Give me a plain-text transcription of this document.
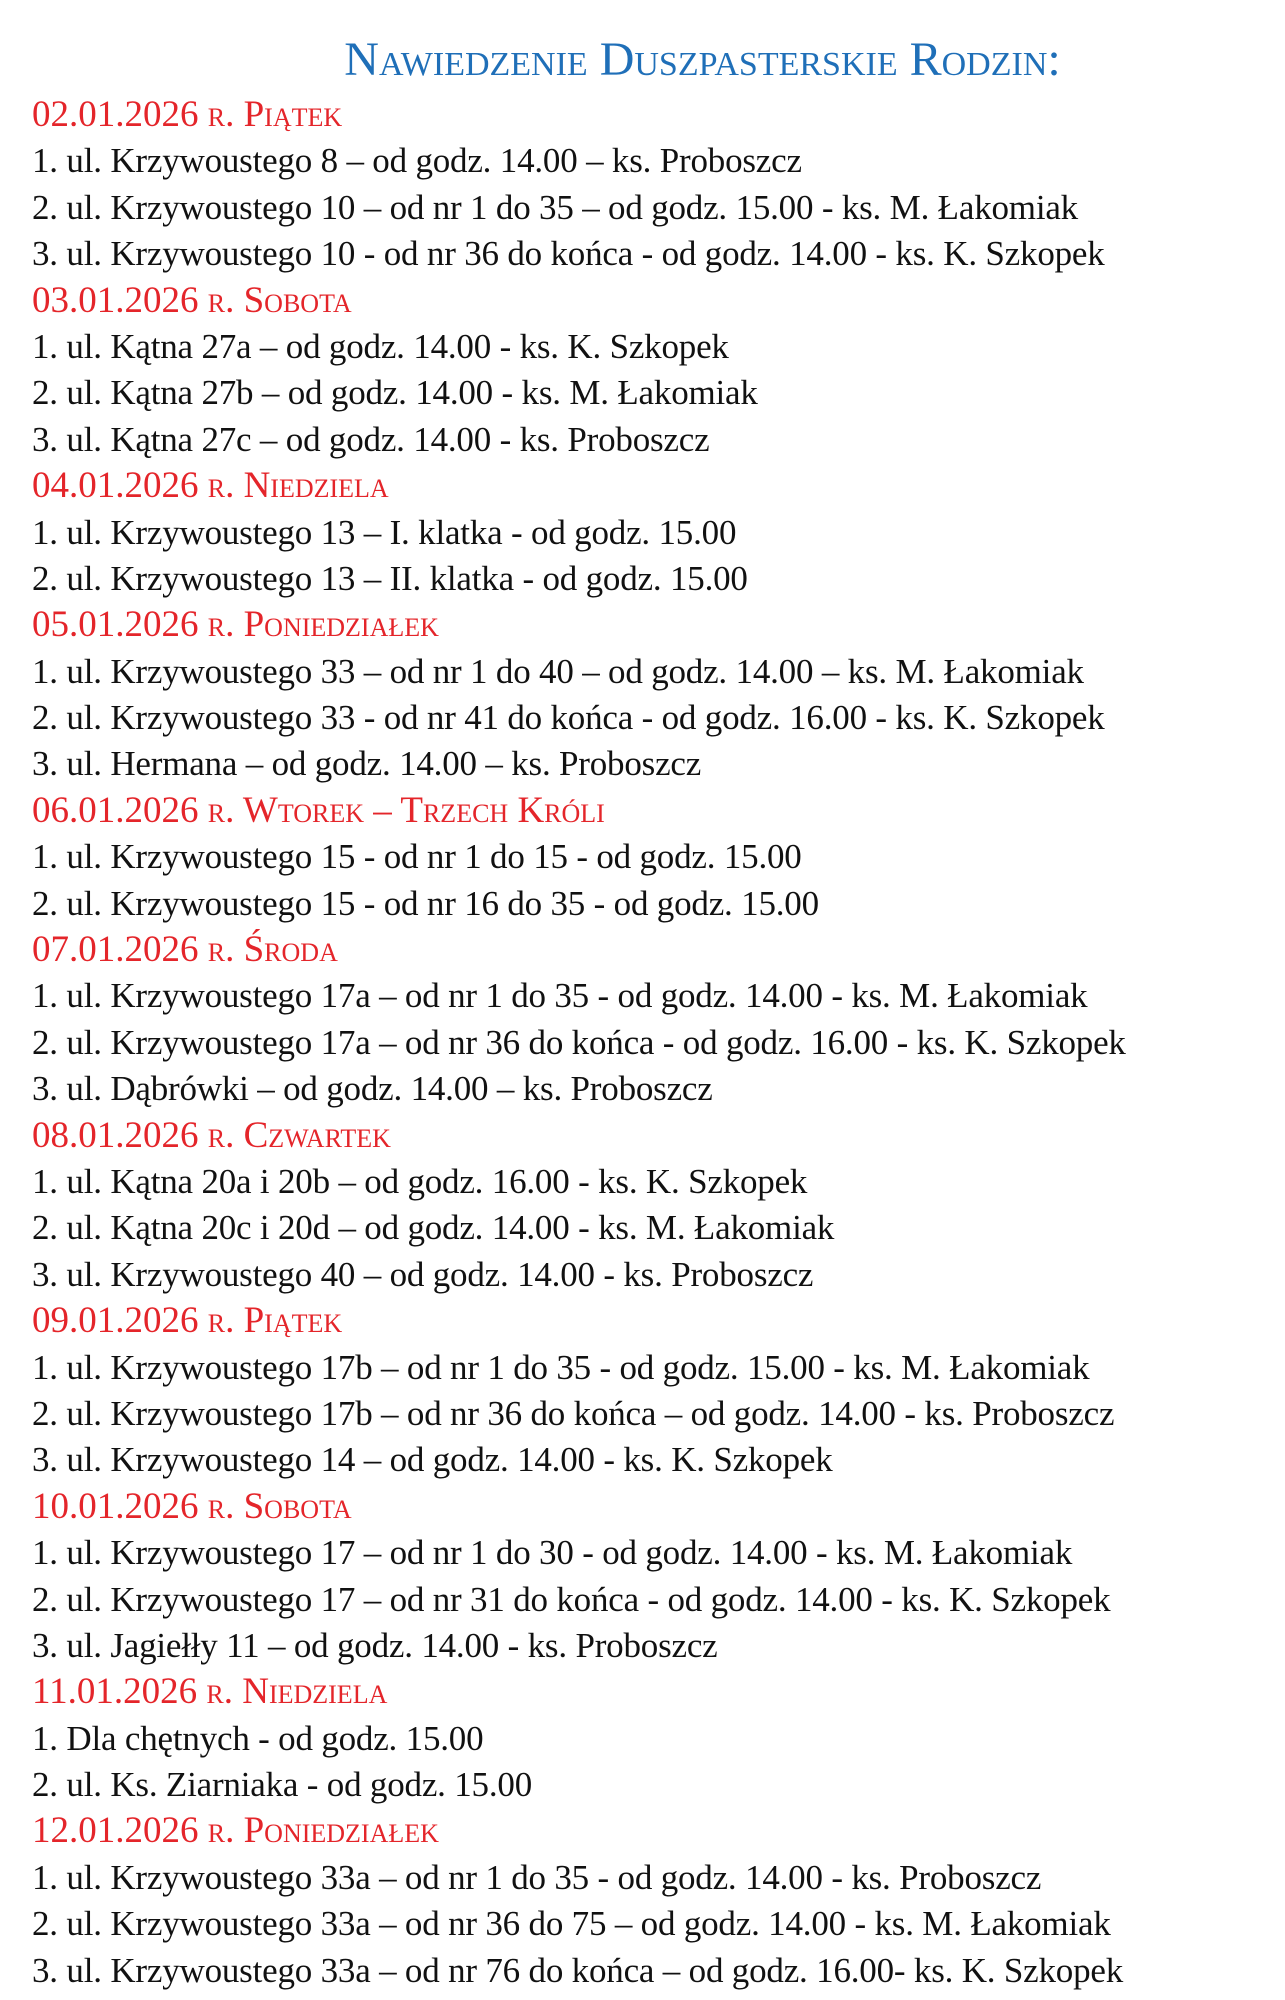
Nawiedzenie Duszpasterskie Rodzin:
02.01.2026 r. Piątek
1. ul. Krzywoustego 8 – od godz. 14.00 – ks. Proboszcz
2. ul. Krzywoustego 10 – od nr 1 do 35 – od godz. 15.00 - ks. M. Łakomiak
3. ul. Krzywoustego 10 - od nr 36 do końca - od godz. 14.00 - ks. K. Szkopek
03.01.2026 r. Sobota
1. ul. Kątna 27a – od godz. 14.00 - ks. K. Szkopek
2. ul. Kątna 27b – od godz. 14.00 - ks. M. Łakomiak
3. ul. Kątna 27c – od godz. 14.00 - ks. Proboszcz
04.01.2026 r. Niedziela
1. ul. Krzywoustego 13 – I. klatka - od godz. 15.00
2. ul. Krzywoustego 13 – II. klatka - od godz. 15.00
05.01.2026 r. Poniedziałek
1. ul. Krzywoustego 33 – od nr 1 do 40 – od godz. 14.00 – ks. M. Łakomiak
2. ul. Krzywoustego 33 - od nr 41 do końca - od godz. 16.00 - ks. K. Szkopek
3. ul. Hermana – od godz. 14.00 – ks. Proboszcz
06.01.2026 r. Wtorek – Trzech Króli
1. ul. Krzywoustego 15 - od nr 1 do 15 - od godz. 15.00
2. ul. Krzywoustego 15 - od nr 16 do 35 - od godz. 15.00
07.01.2026 r. Środa
1. ul. Krzywoustego 17a – od nr 1 do 35 - od godz. 14.00 - ks. M. Łakomiak
2. ul. Krzywoustego 17a – od nr 36 do końca - od godz. 16.00 - ks. K. Szkopek
3. ul. Dąbrówki – od godz. 14.00 – ks. Proboszcz
08.01.2026 r. Czwartek
1. ul. Kątna 20a i 20b – od godz. 16.00 - ks. K. Szkopek
2. ul. Kątna 20c i 20d – od godz. 14.00 - ks. M. Łakomiak
3. ul. Krzywoustego 40 – od godz. 14.00 - ks. Proboszcz
09.01.2026 r. Piątek
1. ul. Krzywoustego 17b – od nr 1 do 35 - od godz. 15.00 - ks. M. Łakomiak
2. ul. Krzywoustego 17b – od nr 36 do końca – od godz. 14.00 - ks. Proboszcz
3. ul. Krzywoustego 14 – od godz. 14.00 - ks. K. Szkopek
10.01.2026 r. Sobota
1. ul. Krzywoustego 17 – od nr 1 do 30 - od godz. 14.00 - ks. M. Łakomiak
2. ul. Krzywoustego 17 – od nr 31 do końca - od godz. 14.00 - ks. K. Szkopek
3. ul. Jagiełły 11 – od godz. 14.00 - ks. Proboszcz
11.01.2026 r. Niedziela
1. Dla chętnych - od godz. 15.00
2. ul. Ks. Ziarniaka - od godz. 15.00
12.01.2026 r. Poniedziałek
1. ul. Krzywoustego 33a – od nr 1 do 35 - od godz. 14.00 - ks. Proboszcz
2. ul. Krzywoustego 33a – od nr 36 do 75 – od godz. 14.00 - ks. M. Łakomiak
3. ul. Krzywoustego 33a – od nr 76 do końca – od godz. 16.00- ks. K. Szkopek
